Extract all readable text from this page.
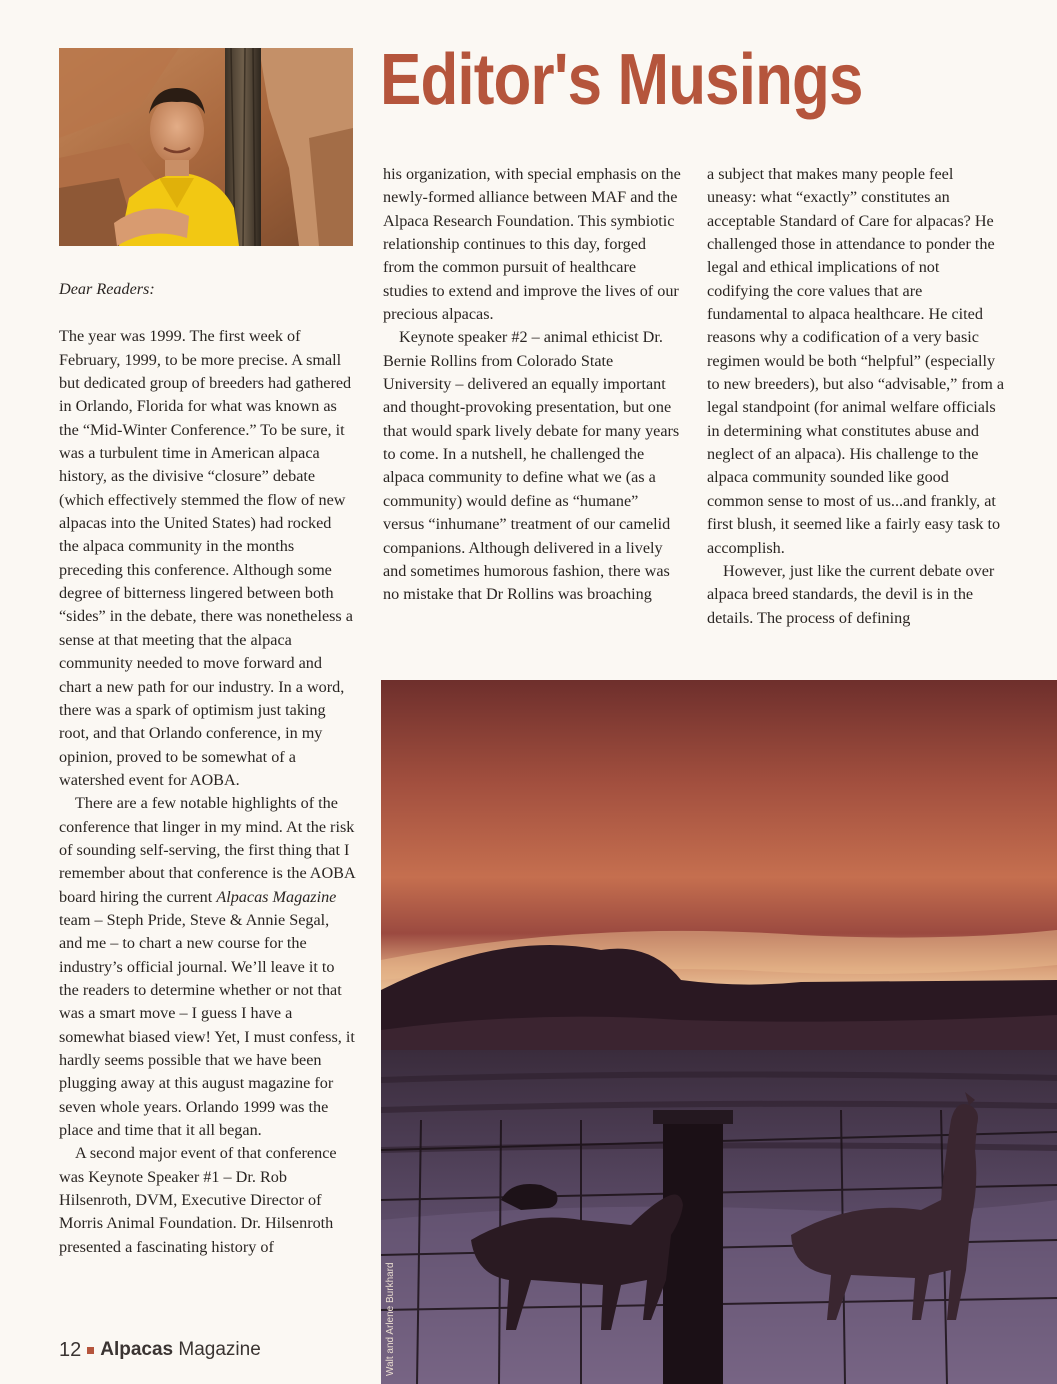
Editor's Musings

Dear Readers:

The year was 1999. The first week of February, 1999, to be more precise. A small but dedicated group of breeders had gathered in Orlando, Florida for what was known as the “Mid-Winter Conference.” To be sure, it was a turbulent time in American alpaca history, as the divisive “closure” debate (which effectively stemmed the flow of new alpacas into the United States) had rocked the alpaca community in the months preceding this conference. Although some degree of bitterness lingered between both “sides” in the debate, there was nonetheless a sense at that meeting that the alpaca community needed to move forward and chart a new path for our industry. In a word, there was a spark of optimism just taking root, and that Orlando conference, in my opinion, proved to be somewhat of a watershed event for AOBA.

There are a few notable highlights of the conference that linger in my mind. At the risk of sounding self-serving, the first thing that I remember about that conference is the AOBA board hiring the current Alpacas Magazine team – Steph Pride, Steve & Annie Segal, and me – to chart a new course for the industry’s official journal. We’ll leave it to the readers to determine whether or not that was a smart move – I guess I have a somewhat biased view! Yet, I must confess, it hardly seems possible that we have been plugging away at this august magazine for seven whole years. Orlando 1999 was the place and time that it all began.

A second major event of that conference was Keynote Speaker #1 – Dr. Rob Hilsenroth, DVM, Executive Director of Morris Animal Foundation. Dr. Hilsenroth presented a fascinating history of

his organization, with special emphasis on the newly-formed alliance between MAF and the Alpaca Research Foundation. This symbiotic relationship continues to this day, forged from the common pursuit of healthcare studies to extend and improve the lives of our precious alpacas.

Keynote speaker #2 – animal ethicist Dr. Bernie Rollins from Colorado State University – delivered an equally important and thought-provoking presentation, but one that would spark lively debate for many years to come. In a nutshell, he challenged the alpaca community to define what we (as a community) would define as “humane” versus “inhumane” treatment of our camelid companions. Although delivered in a lively and sometimes humorous fashion, there was no mistake that Dr Rollins was broaching

a subject that makes many people feel uneasy: what “exactly” constitutes an acceptable Standard of Care for alpacas? He challenged those in attendance to ponder the legal and ethical implications of not codifying the core values that are fundamental to alpaca healthcare. He cited reasons why a codification of a very basic regimen would be both “helpful” (especially to new breeders), but also “advisable,” from a legal standpoint (for animal welfare officials in determining what constitutes abuse and neglect of an alpaca). His challenge to the alpaca community sounded like good common sense to most of us...and frankly, at first blush, it seemed like a fairly easy task to accomplish.

However, just like the current debate over alpaca breed standards, the devil is in the details. The process of defining

Walt and Arlene Burkhard
12 Alpacas Magazine
